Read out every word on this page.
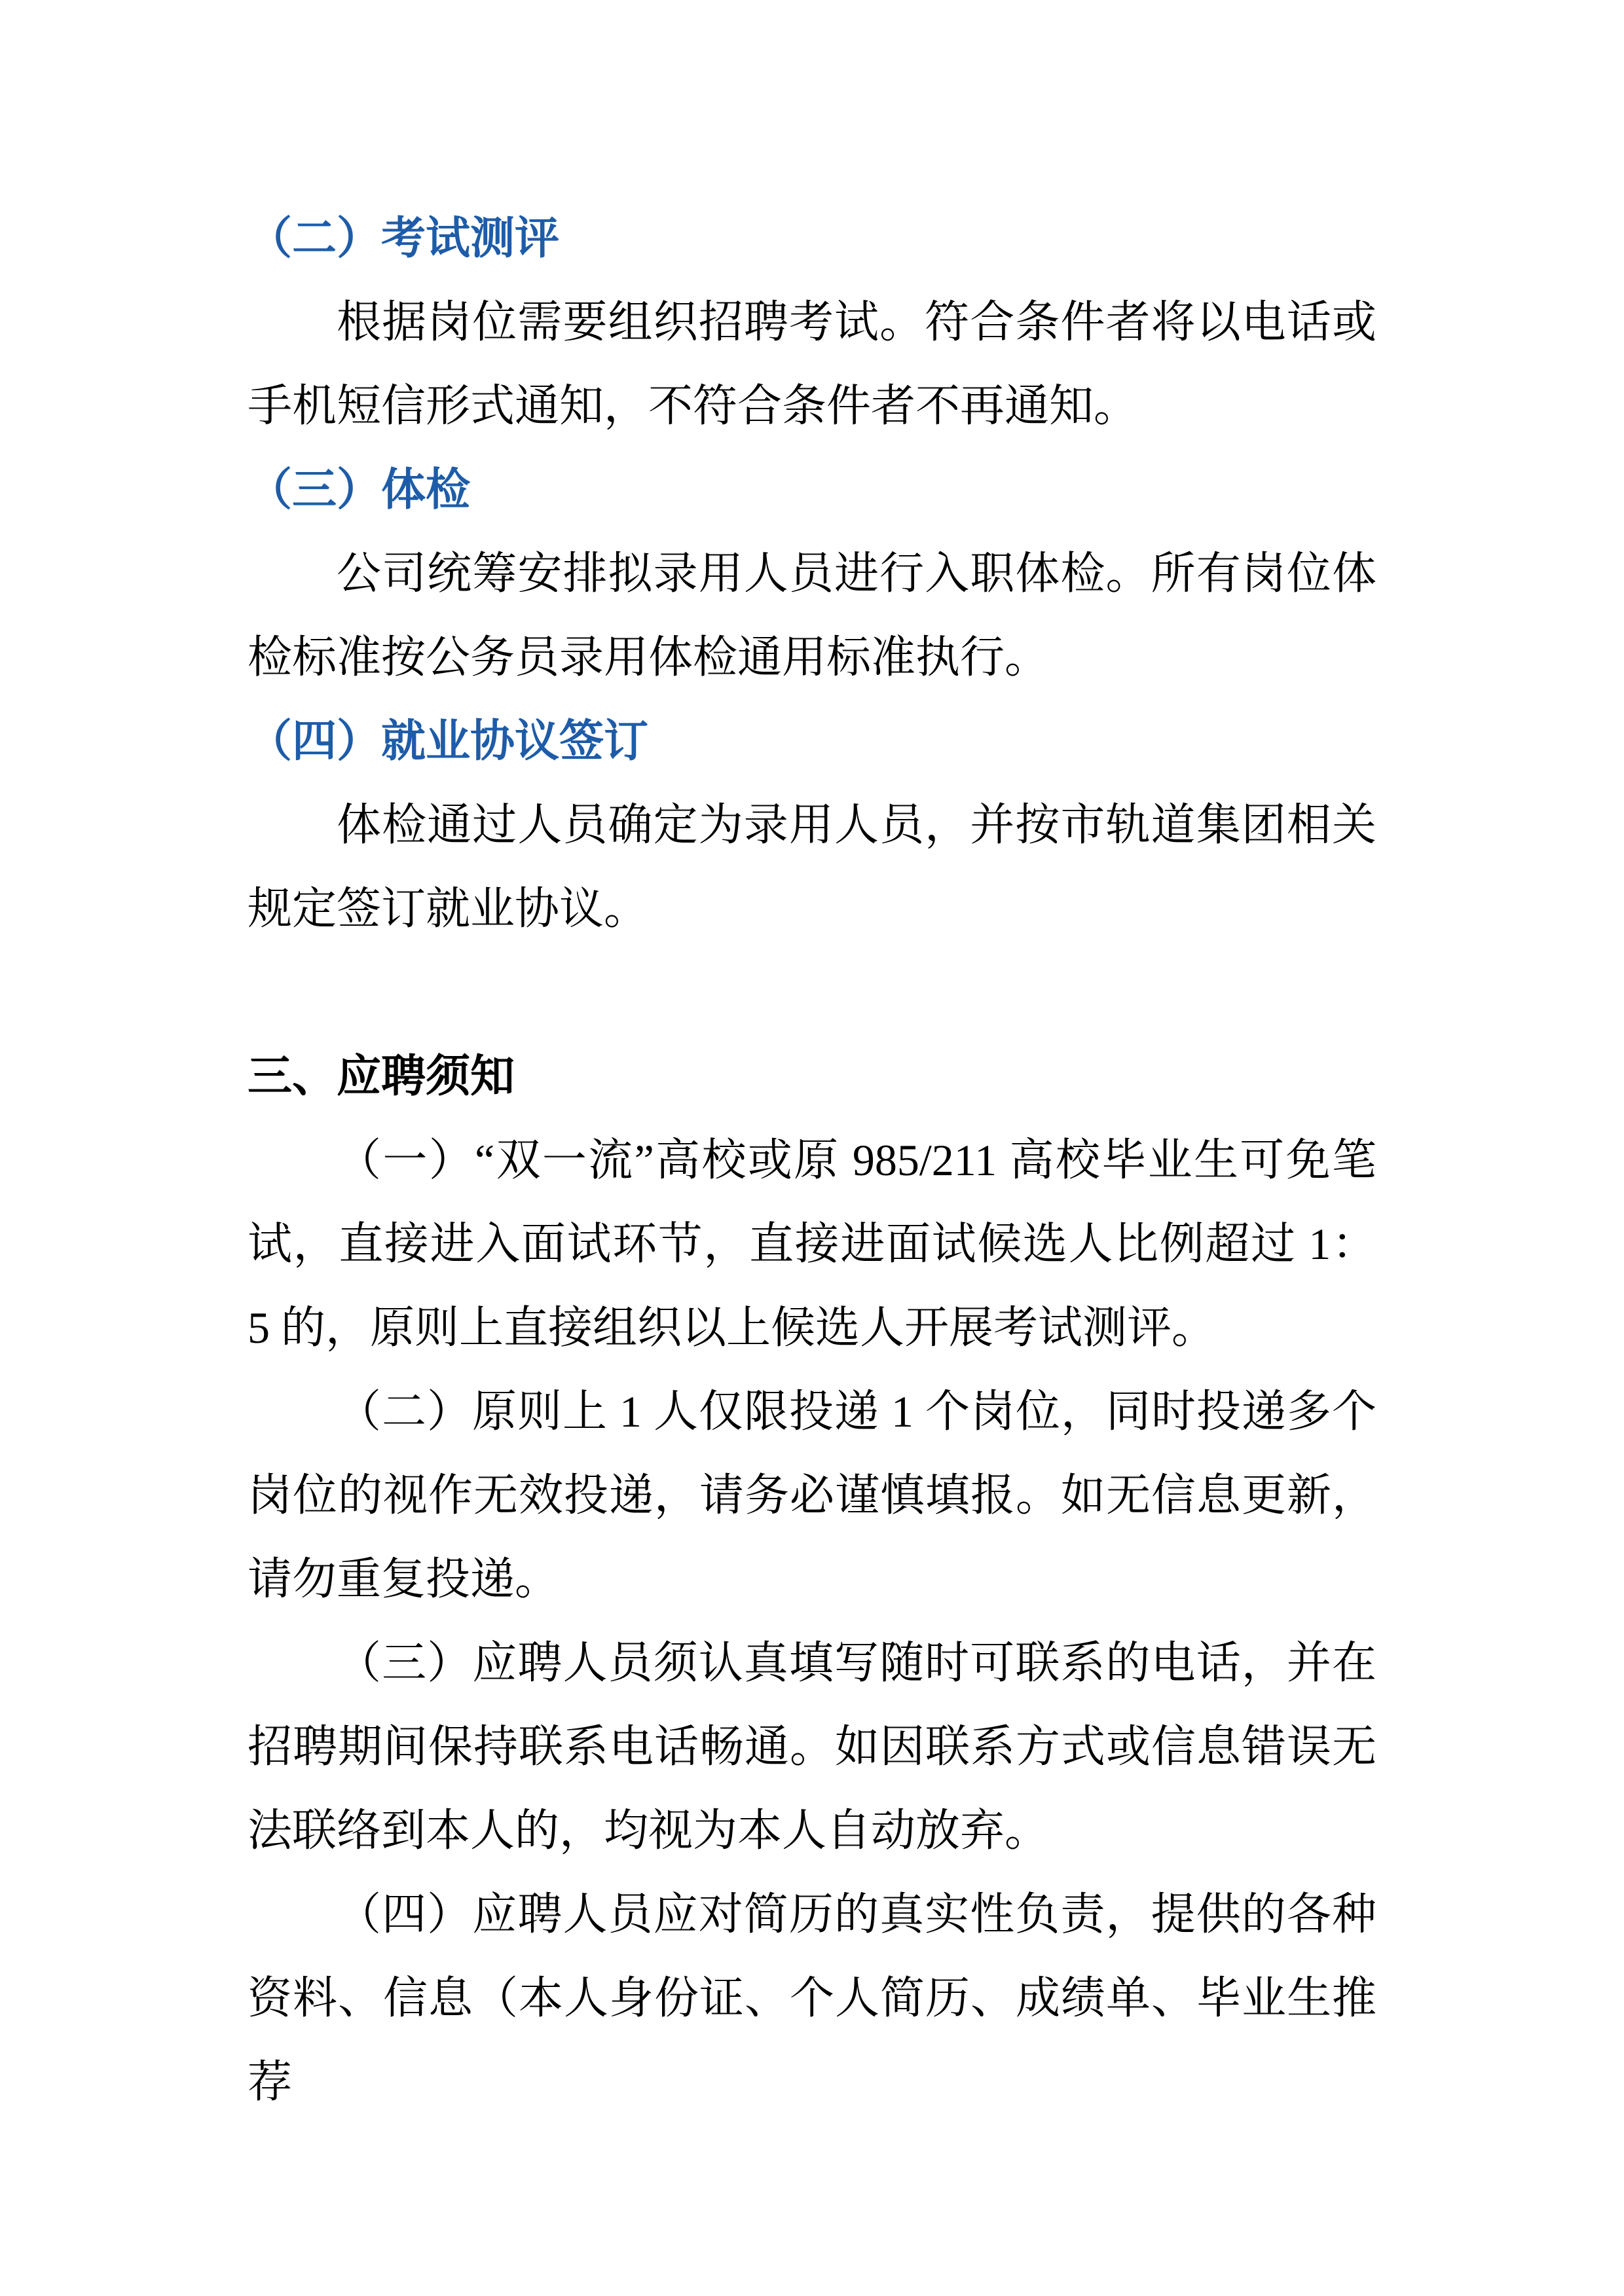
（二）考试测评

根据岗位需要组织招聘考试。符合条件者将以电话或手机短信形式通知，不符合条件者不再通知。

（三）体检

公司统筹安排拟录用人员进行入职体检。所有岗位体检标准按公务员录用体检通用标准执行。

（四）就业协议签订

体检通过人员确定为录用人员，并按市轨道集团相关规定签订就业协议。

三、应聘须知

（一）“双一流”高校或原 985/211 高校毕业生可免笔试，直接进入面试环节，直接进面试候选人比例超过 1： 5 的，原则上直接组织以上候选人开展考试测评。

（二）原则上 1 人仅限投递 1 个岗位，同时投递多个岗位的视作无效投递，请务必谨慎填报。如无信息更新，请勿重复投递。

（三）应聘人员须认真填写随时可联系的电话，并在招聘期间保持联系电话畅通。如因联系方式或信息错误无法联络到本人的，均视为本人自动放弃。

（四）应聘人员应对简历的真实性负责，提供的各种资料、信息（本人身份证、个人简历、成绩单、毕业生推荐
